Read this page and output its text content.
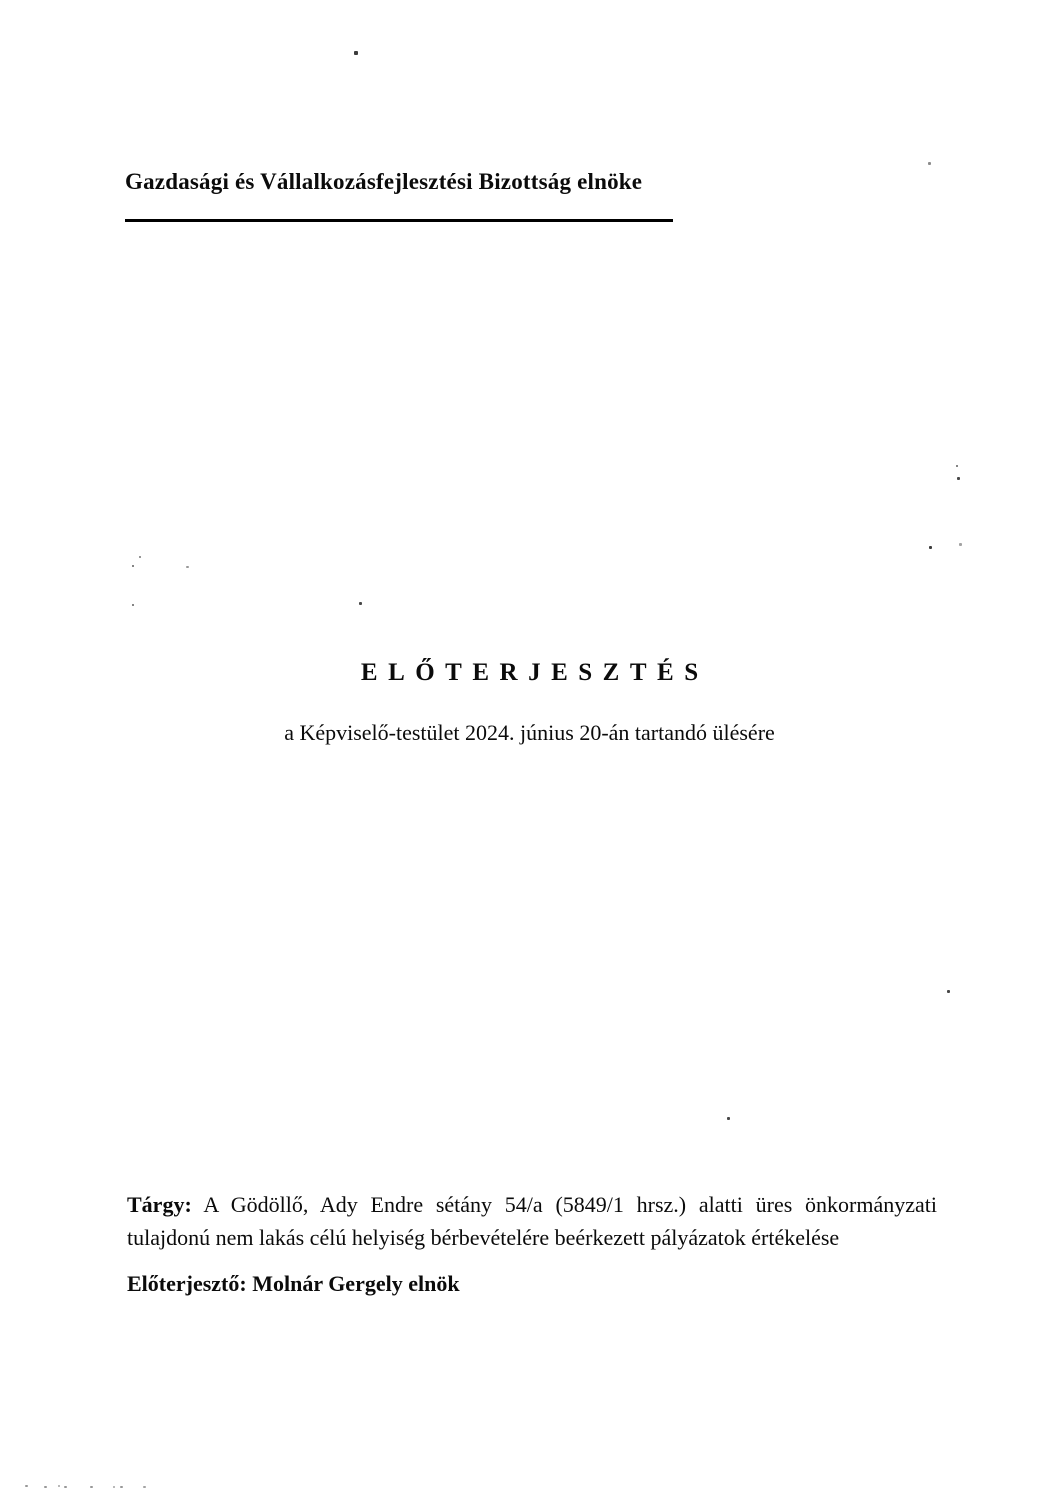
Gazdasági és Vállalkozásfejlesztési Bizottság elnöke
ELŐTERJESZTÉS
a Képviselő-testület 2024. június 20-án tartandó ülésére
Tárgy: A Gödöllő, Ady Endre sétány 54/a (5849/1 hrsz.) alatti üres önkormányzati
tulajdonú nem lakás célú helyiség bérbevételére beérkezett pályázatok értékelése
Előterjesztő: Molnár Gergely elnök
